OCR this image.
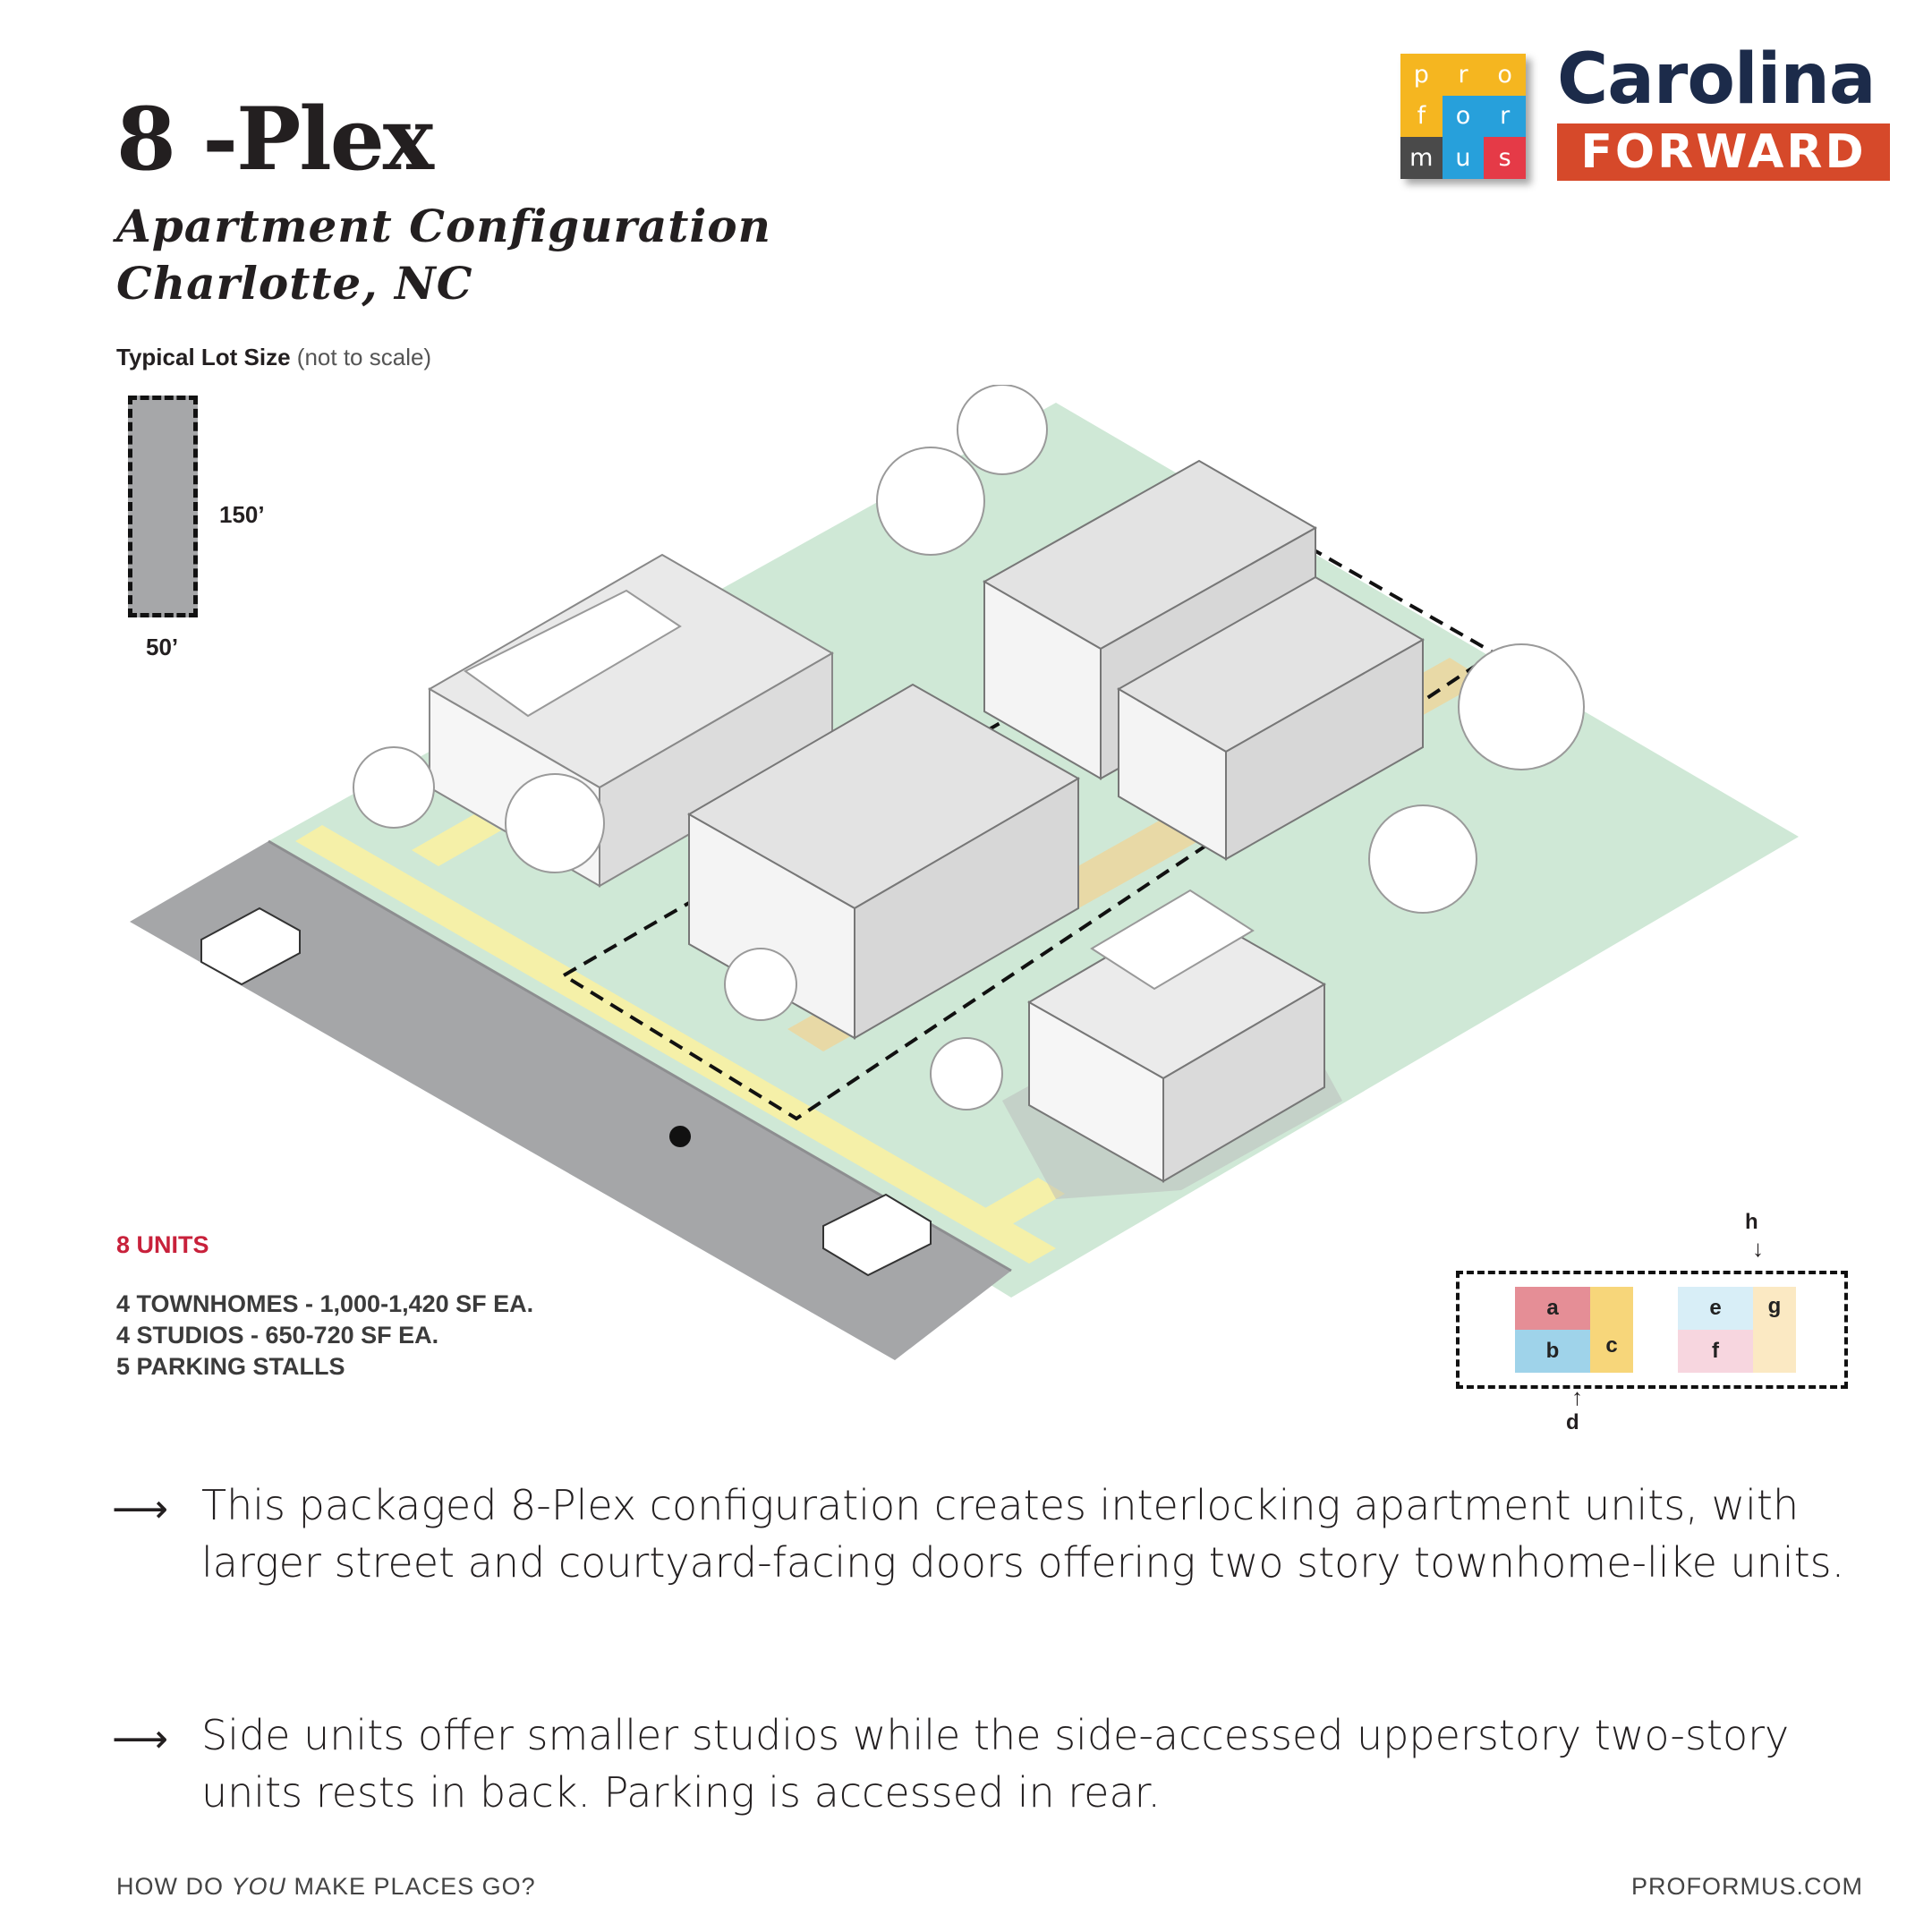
8 -Plex
Apartment Configuration
Charlotte, NC
p	r	o
f	o	r
m u	s
Carolina
FORWARD
Typical Lot Size (not to scale)
150’
50’
8 UNITS
4 TOWNHOMES - 1,000-1,420 SF EA.
4 STUDIOS - 650-720 SF EA.
5 PARKING STALLS
h
↓
a
b	c
e
f
g
↑
d
⟶ This packaged 8-Plex configuration creates interlocking apartment units, with larger street and courtyard-facing doors offering two story townhome-like units.
⟶ Side units offer smaller studios while the side-accessed upperstory two-story units rests in back. Parking is accessed in rear.
HOW DO YOU MAKE PLACES GO?	PROFORMUS.COM
